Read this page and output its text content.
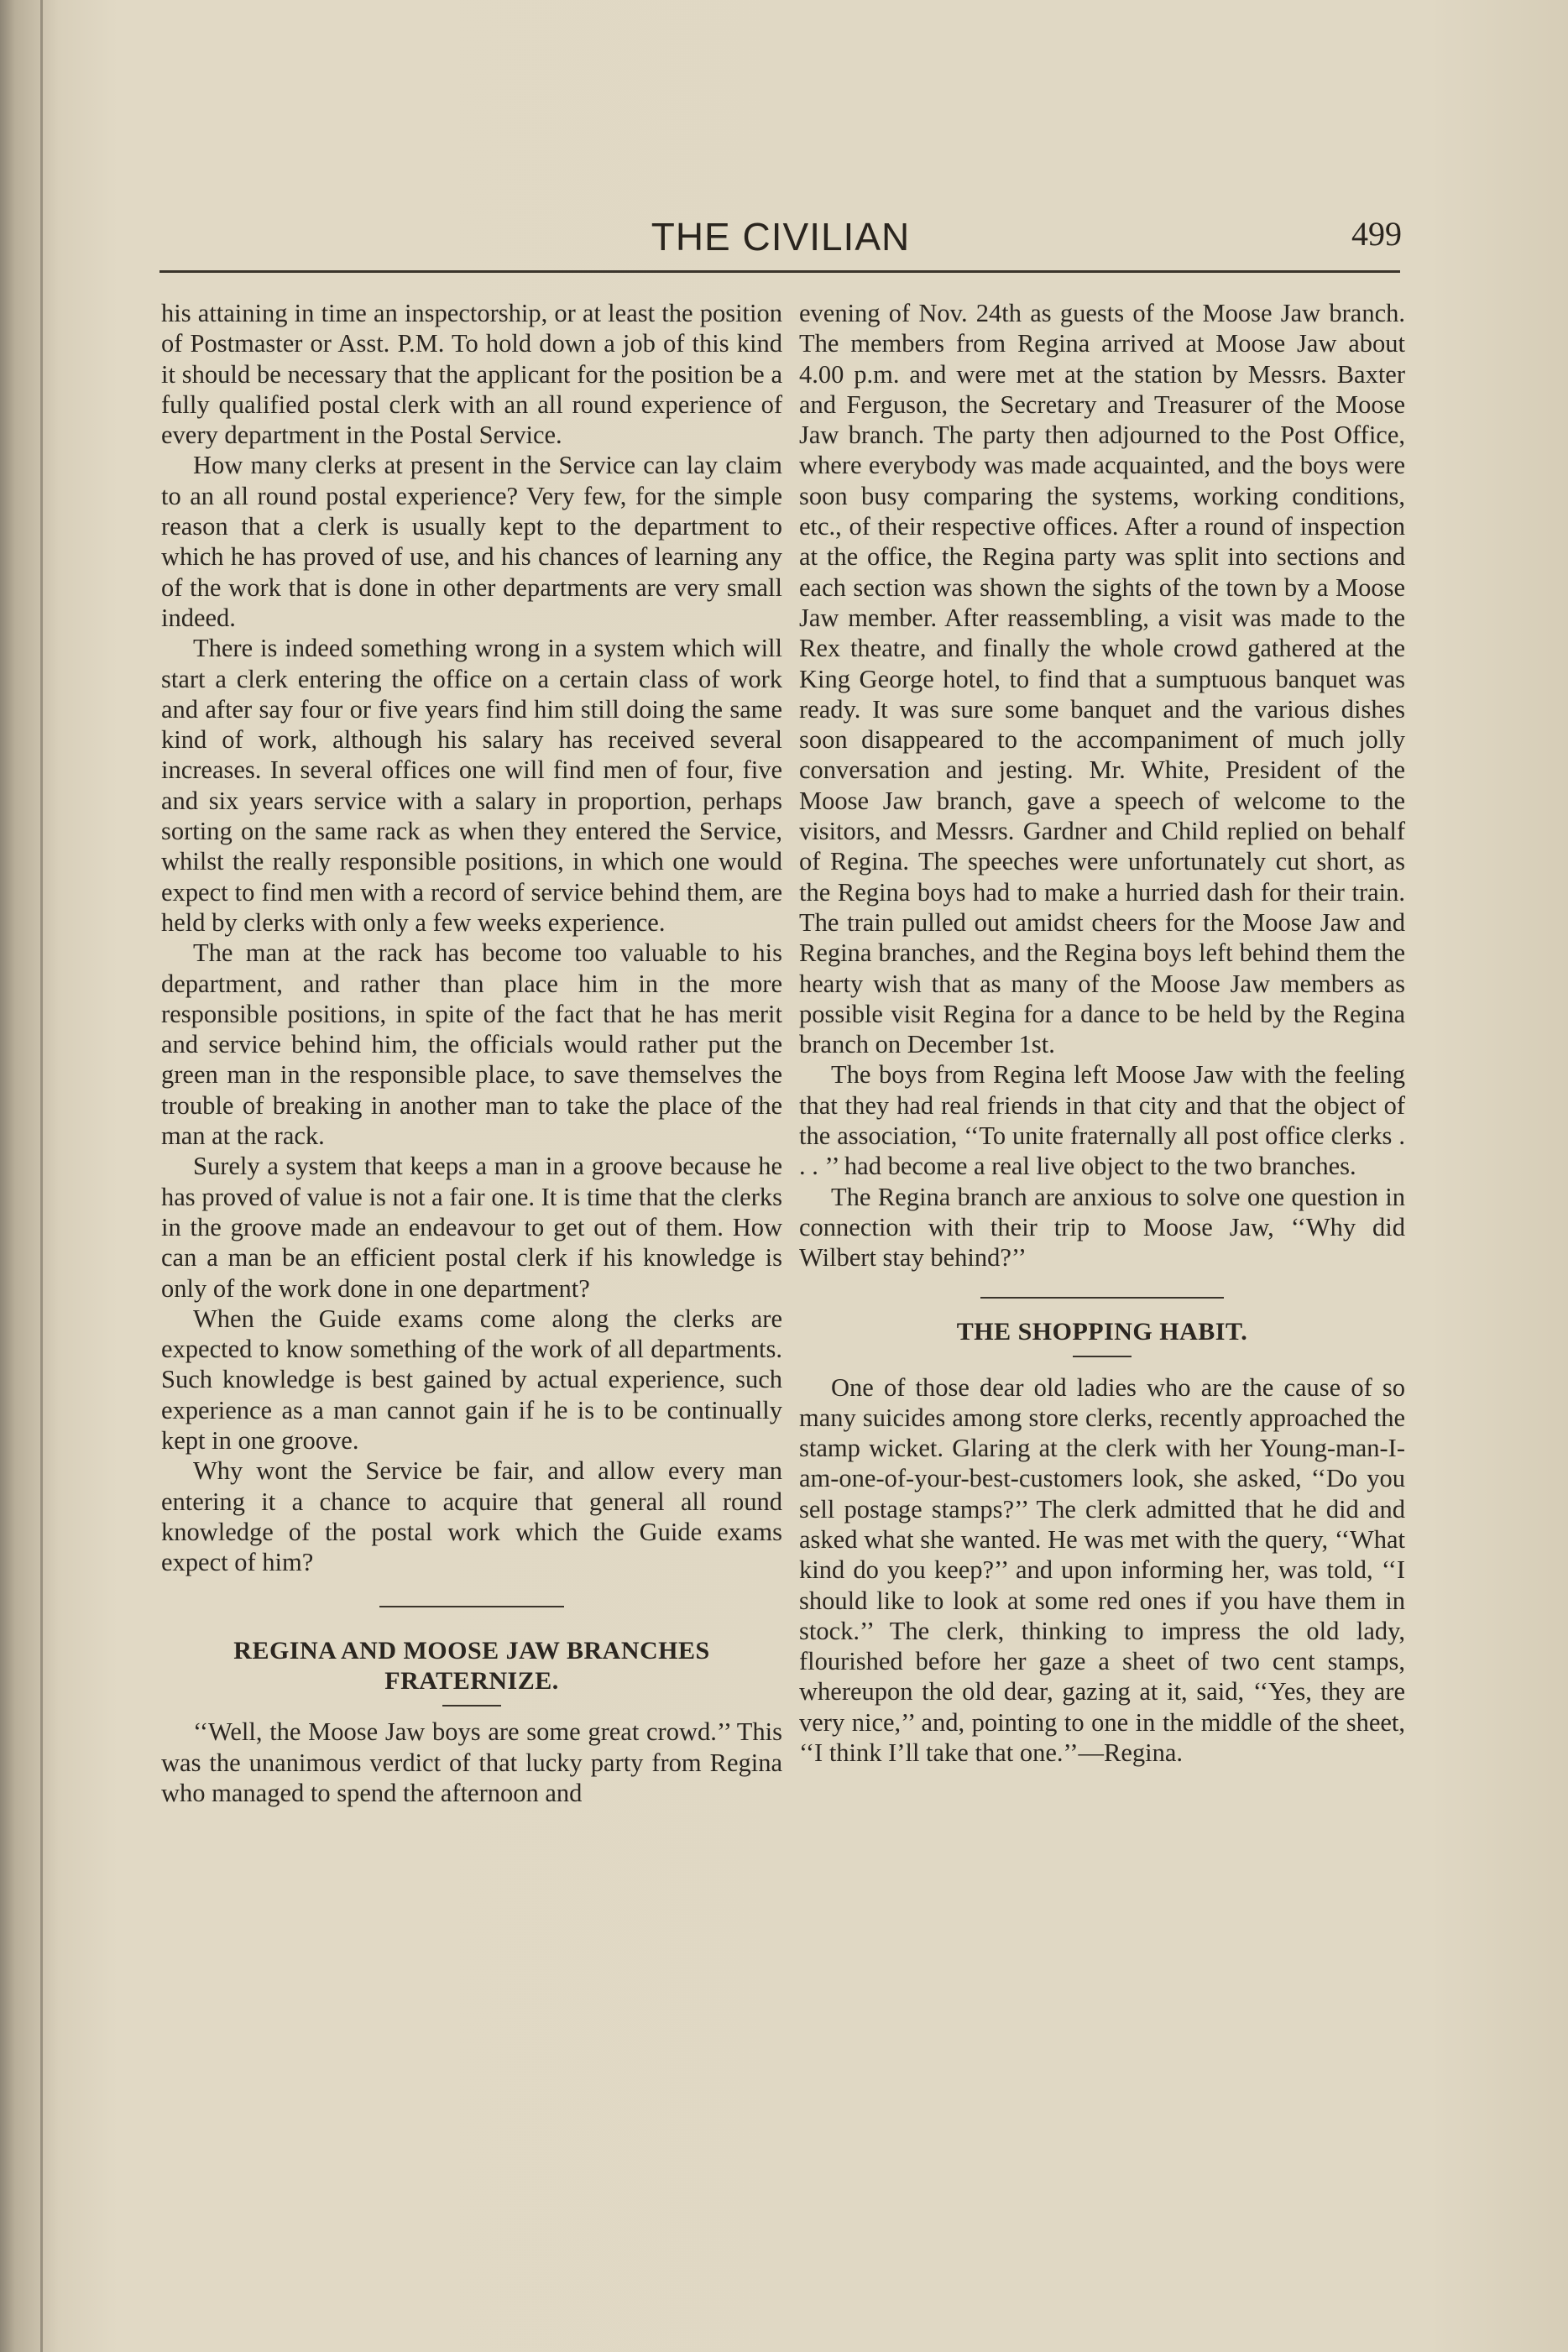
THE CIVILIAN	499

his attaining in time an inspectorship, or at least the position of Postmaster or Asst. P.M. To hold down a job of this kind it should be necessary that the applicant for the position be a fully qualified postal clerk with an all round experience of every department in the Postal Service.

How many clerks at present in the Service can lay claim to an all round postal experience? Very few, for the simple reason that a clerk is usually kept to the department to which he has proved of use, and his chances of learning any of the work that is done in other departments are very small indeed.

There is indeed something wrong in a system which will start a clerk entering the office on a certain class of work and after say four or five years find him still doing the same kind of work, although his salary has received several increases. In several offices one will find men of four, five and six years service with a salary in proportion, perhaps sorting on the same rack as when they entered the Service, whilst the really responsible positions, in which one would expect to find men with a record of service behind them, are held by clerks with only a few weeks experience.

The man at the rack has become too valuable to his department, and rather than place him in the more responsible positions, in spite of the fact that he has merit and service behind him, the officials would rather put the green man in the responsible place, to save themselves the trouble of breaking in another man to take the place of the man at the rack.

Surely a system that keeps a man in a groove because he has proved of value is not a fair one. It is time that the clerks in the groove made an endeavour to get out of them. How can a man be an efficient postal clerk if his knowledge is only of the work done in one department?

When the Guide exams come along the clerks are expected to know something of the work of all departments. Such knowledge is best gained by actual experience, such experience as a man cannot gain if he is to be continually kept in one groove.

Why wont the Service be fair, and allow every man entering it a chance to acquire that general all round knowledge of the postal work which the Guide exams expect of him?

REGINA AND MOOSE JAW BRANCHES
FRATERNIZE.

‘‘Well, the Moose Jaw boys are some great crowd.’’ This was the unanimous verdict of that lucky party from Regina who managed to spend the afternoon and

evening of Nov. 24th as guests of the Moose Jaw branch. The members from Regina arrived at Moose Jaw about 4.00 p.m. and were met at the station by Messrs. Baxter and Ferguson, the Secretary and Treasurer of the Moose Jaw branch. The party then adjourned to the Post Office, where everybody was made acquainted, and the boys were soon busy comparing the systems, working conditions, etc., of their respective offices. After a round of inspection at the office, the Regina party was split into sections and each section was shown the sights of the town by a Moose Jaw member. After reassembling, a visit was made to the Rex theatre, and finally the whole crowd gathered at the King George hotel, to find that a sumptuous banquet was ready. It was sure some banquet and the various dishes soon disappeared to the accompaniment of much jolly conversation and jesting. Mr. White, President of the Moose Jaw branch, gave a speech of welcome to the visitors, and Messrs. Gardner and Child replied on behalf of Regina. The speeches were unfortunately cut short, as the Regina boys had to make a hurried dash for their train. The train pulled out amidst cheers for the Moose Jaw and Regina branches, and the Regina boys left behind them the hearty wish that as many of the Moose Jaw members as possible visit Regina for a dance to be held by the Regina branch on December 1st.

The boys from Regina left Moose Jaw with the feeling that they had real friends in that city and that the object of the association, ‘‘To unite fraternally all post office clerks . . . ’’ had become a real live object to the two branches.

The Regina branch are anxious to solve one question in connection with their trip to Moose Jaw, ‘‘Why did Wilbert stay behind?’’

THE SHOPPING HABIT.

One of those dear old ladies who are the cause of so many suicides among store clerks, recently approached the stamp wicket. Glaring at the clerk with her Young-man-I-am-one-of-your-best-customers look, she asked, ‘‘Do you sell postage stamps?’’ The clerk admitted that he did and asked what she wanted. He was met with the query, ‘‘What kind do you keep?’’ and upon informing her, was told, ‘‘I should like to look at some red ones if you have them in stock.’’ The clerk, thinking to impress the old lady, flourished before her gaze a sheet of two cent stamps, whereupon the old dear, gazing at it, said, ‘‘Yes, they are very nice,’’ and, pointing to one in the middle of the sheet, ‘‘I think I’ll take that one.’’—Regina.
